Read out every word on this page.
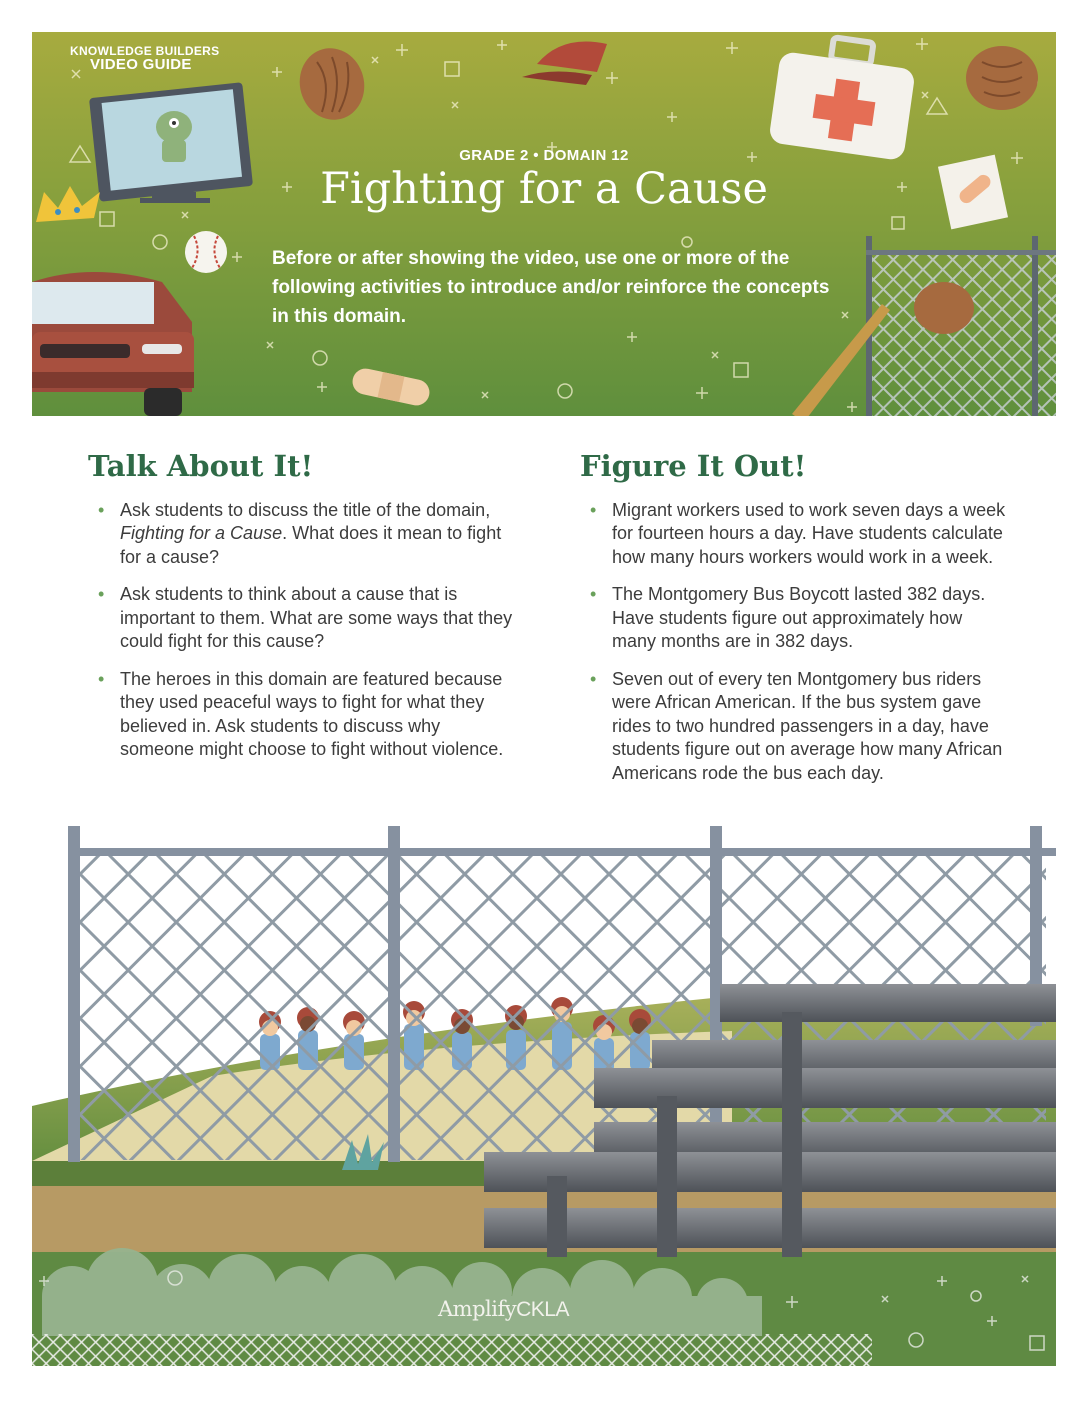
KNOWLEDGE BUILDERS
VIDEO GUIDE
GRADE 2 • DOMAIN 12
Fighting for a Cause
Before or after showing the video, use one or more of the following activities to introduce and/or reinforce the concepts in this domain.
Talk About It!
• Ask students to discuss the title of the domain, Fighting for a Cause. What does it mean to fight for a cause?
• Ask students to think about a cause that is important to them. What are some ways that they could fight for this cause?
• The heroes in this domain are featured because they used peaceful ways to fight for what they believed in. Ask students to discuss why someone might choose to fight without violence.
Figure It Out!
• Migrant workers used to work seven days a week for fourteen hours a day. Have students calculate how many hours workers would work in a week.
• The Montgomery Bus Boycott lasted 382 days. Have students figure out approximately how many months are in 382 days.
• Seven out of every ten Montgomery bus riders were African American. If the bus system gave rides to two hundred passengers in a day, have students figure out on average how many African Americans rode the bus each day.
AmplifyCKLA
